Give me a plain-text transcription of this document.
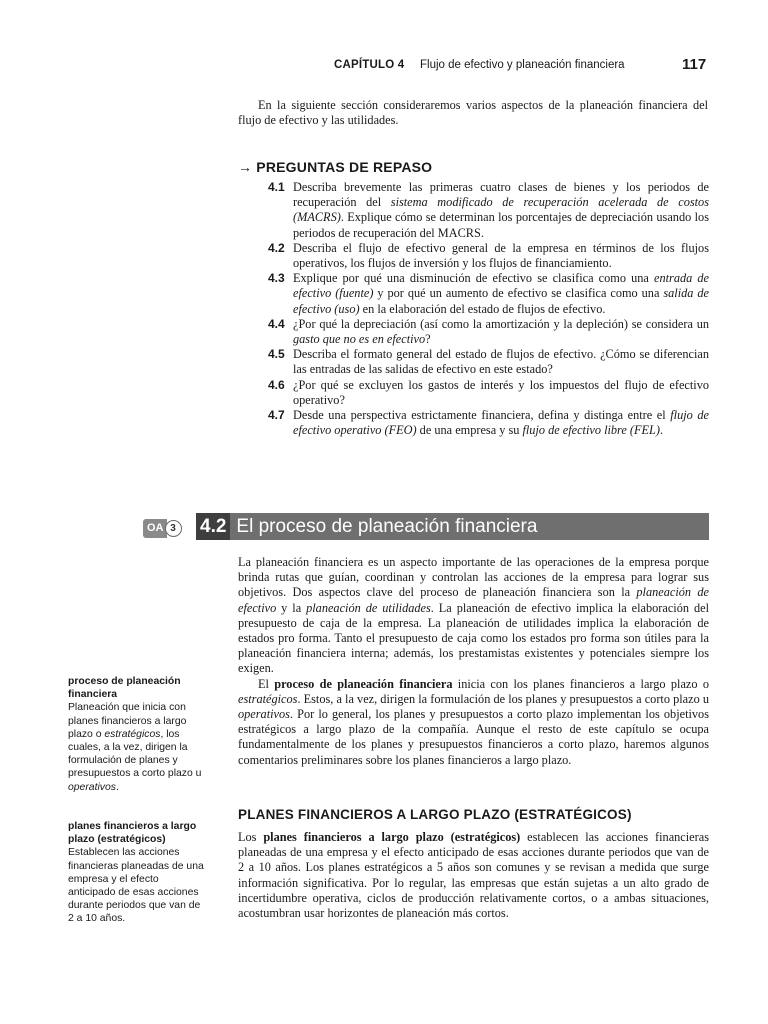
CAPÍTULO 4 Flujo de efectivo y planeación financiera	117

En la siguiente sección consideraremos varios aspectos de la planeación financiera del flujo de efectivo y las utilidades.

→ PREGUNTAS DE REPASO
4.1 Describa brevemente las primeras cuatro clases de bienes y los periodos de recuperación del sistema modificado de recuperación acelerada de costos (MACRS). Explique cómo se determinan los porcentajes de depreciación usando los periodos de recuperación del MACRS.
4.2 Describa el flujo de efectivo general de la empresa en términos de los flujos operativos, los flujos de inversión y los flujos de financiamiento.
4.3 Explique por qué una disminución de efectivo se clasifica como una entrada de efectivo (fuente) y por qué un aumento de efectivo se clasifica como una salida de efectivo (uso) en la elaboración del estado de flujos de efectivo.
4.4 ¿Por qué la depreciación (así como la amortización y la depleción) se considera un gasto que no es en efectivo?
4.5 Describa el formato general del estado de flujos de efectivo. ¿Cómo se diferencian las entradas de las salidas de efectivo en este estado?
4.6 ¿Por qué se excluyen los gastos de interés y los impuestos del flujo de efectivo operativo?
4.7 Desde una perspectiva estrictamente financiera, defina y distinga entre el flujo de efectivo operativo (FEO) de una empresa y su flujo de efectivo libre (FEL).
OA 3	4.2 El proceso de planeación financiera

La planeación financiera es un aspecto importante de las operaciones de la empresa porque brinda rutas que guían, coordinan y controlan las acciones de la empresa para lograr sus objetivos. Dos aspectos clave del proceso de planeación financiera son la planeación de efectivo y la planeación de utilidades. La planeación de efectivo implica la elaboración del presupuesto de caja de la empresa. La planeación de utilidades implica la elaboración de estados pro forma. Tanto el presupuesto de caja como los estados pro forma son útiles para la planeación financiera interna; además, los prestamistas existentes y potenciales siempre los exigen.

El proceso de planeación financiera inicia con los planes financieros a largo plazo o estratégicos. Estos, a la vez, dirigen la formulación de los planes y presupuestos a corto plazo u operativos. Por lo general, los planes y presupuestos a corto plazo implementan los objetivos estratégicos a largo plazo de la compañía. Aunque el resto de este capítulo se ocupa fundamentalmente de los planes y presupuestos financieros a corto plazo, haremos algunos comentarios preliminares sobre los planes financieros a largo plazo.

PLANES FINANCIEROS A LARGO PLAZO (ESTRATÉGICOS)

Los planes financieros a largo plazo (estratégicos) establecen las acciones financieras planeadas de una empresa y el efecto anticipado de esas acciones durante periodos que van de 2 a 10 años. Los planes estratégicos a 5 años son comunes y se revisan a medida que surge información significativa. Por lo regular, las empresas que están sujetas a un alto grado de incertidumbre operativa, ciclos de producción relativamente cortos, o a ambas situaciones, acostumbran usar horizontes de planeación más cortos.

proceso de planeación financiera
Planeación que inicia con planes financieros a largo plazo o estratégicos, los cuales, a la vez, dirigen la formulación de planes y presupuestos a corto plazo u operativos.
planes financieros a largo plazo (estratégicos)
Establecen las acciones financieras planeadas de una empresa y el efecto anticipado de esas acciones durante periodos que van de 2 a 10 años.
